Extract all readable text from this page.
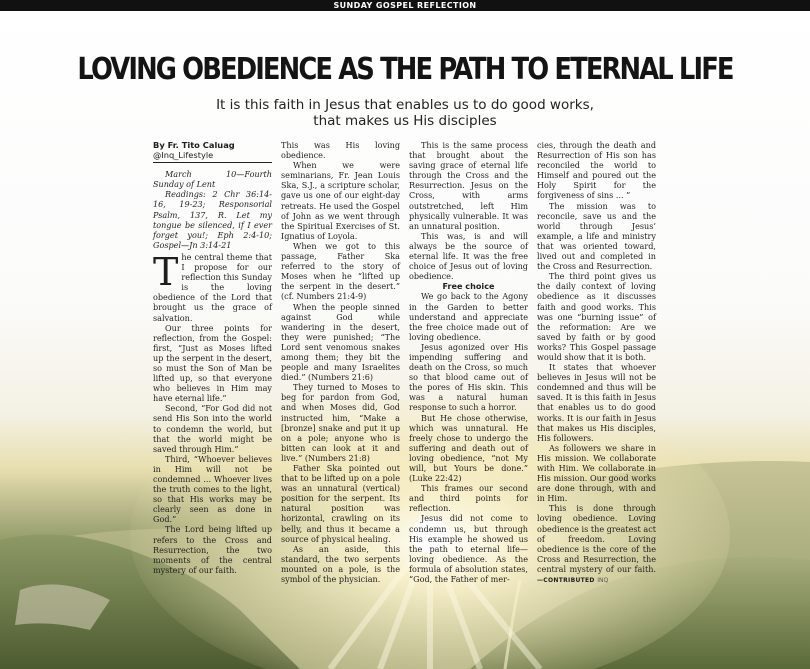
SUNDAY GOSPEL REFLECTION
LOVING OBEDIENCE AS THE PATH TO ETERNAL LIFE
It is this faith in Jesus that enables us to do good works,
that makes us His disciples

By Fr. Tito Caluag

@Inq_Lifestyle

March 10—Fourth Sunday of Lent

Readings: 2 Chr 36:14-16, 19-23; Responsorial Psalm, 137, R. Let my tongue be silenced, if I ever forget you!; Eph 2:4-10; Gospel—Jn 3:14-21

The central theme that I propose for our reflection this Sunday is the loving obedience of the Lord that brought us the grace of salvation.

Our three points for reflection, from the Gospel: first, “Just as Moses lifted up the serpent in the desert, so must the Son of Man be lifted up, so that everyone who believes in Him may have eternal life.”

Second, “For God did not send His Son into the world to condemn the world, but that the world might be saved through Him.”

Third, “Whoever believes in Him will not be condemned ... Whoever lives the truth comes to the light, so that His works may be clearly seen as done in God.”

The Lord being lifted up refers to the Cross and Resurrection, the two moments of the central mystery of our faith.

This was His loving obedience.

When we were seminarians, Fr. Jean Louis Ska, S.J., a scripture scholar, gave us one of our eight-day retreats. He used the Gospel of John as we went through the Spiritual Exercises of St. Ignatius of Loyola.

When we got to this passage, Father Ska referred to the story of Moses when he “lifted up the serpent in the desert.” (cf. Numbers 21:4-9)

When the people sinned against God while wandering in the desert, they were punished; “The Lord sent venomous snakes among them; they bit the people and many Israelites died.” (Numbers 21:6)

They turned to Moses to beg for pardon from God, and when Moses did, God instructed him, “Make a [bronze] snake and put it up on a pole; anyone who is bitten can look at it and live.” (Numbers 21:8)

Father Ska pointed out that to be lifted up on a pole was an unnatural (vertical) position for the serpent. Its natural position was horizontal, crawling on its belly, and thus it became a source of physical healing.

As an aside, this standard, the two serpents mounted on a pole, is the symbol of the physician.

This is the same process that brought about the saving grace of eternal life through the Cross and the Resurrection. Jesus on the Cross, with arms outstretched, left Him physically vulnerable. It was an unnatural position.

This was, is and will always be the source of eternal life. It was the free choice of Jesus out of loving obedience.

Free choice

We go back to the Agony in the Garden to better understand and appreciate the free choice made out of loving obedience.

Jesus agonized over His impending suffering and death on the Cross, so much so that blood came out of the pores of His skin. This was a natural human response to such a horror.

But He chose otherwise, which was unnatural. He freely chose to undergo the suffering and death out of loving obedience, “not My will, but Yours be done.” (Luke 22:42)

This frames our second and third points for reflection.

Jesus did not come to condemn us, but through His example he showed us the path to eternal life—loving obedience. As the formula of absolution states, “God, the Father of mer-

cies, through the death and Resurrection of His son has reconciled the world to Himself and poured out the Holy Spirit for the forgiveness of sins ... ”

The mission was to reconcile, save us and the world through Jesus’ example, a life and ministry that was oriented toward, lived out and completed in the Cross and Resurrection.

The third point gives us the daily context of loving obedience as it discusses faith and good works. This was one “burning issue” of the reformation: Are we saved by faith or by good works? This Gospel passage would show that it is both.

It states that whoever believes in Jesus will not be condemned and thus will be saved. It is this faith in Jesus that enables us to do good works. It is our faith in Jesus that makes us His disciples, His followers.

As followers we share in His mission. We collaborate with Him. We collaborate in His mission. Our good works are done through, with and in Him.

This is done through loving obedience. Loving obedience is the greatest act of freedom. Loving obedience is the core of the Cross and Resurrection, the central mystery of our faith. —CONTRIBUTED INQ
